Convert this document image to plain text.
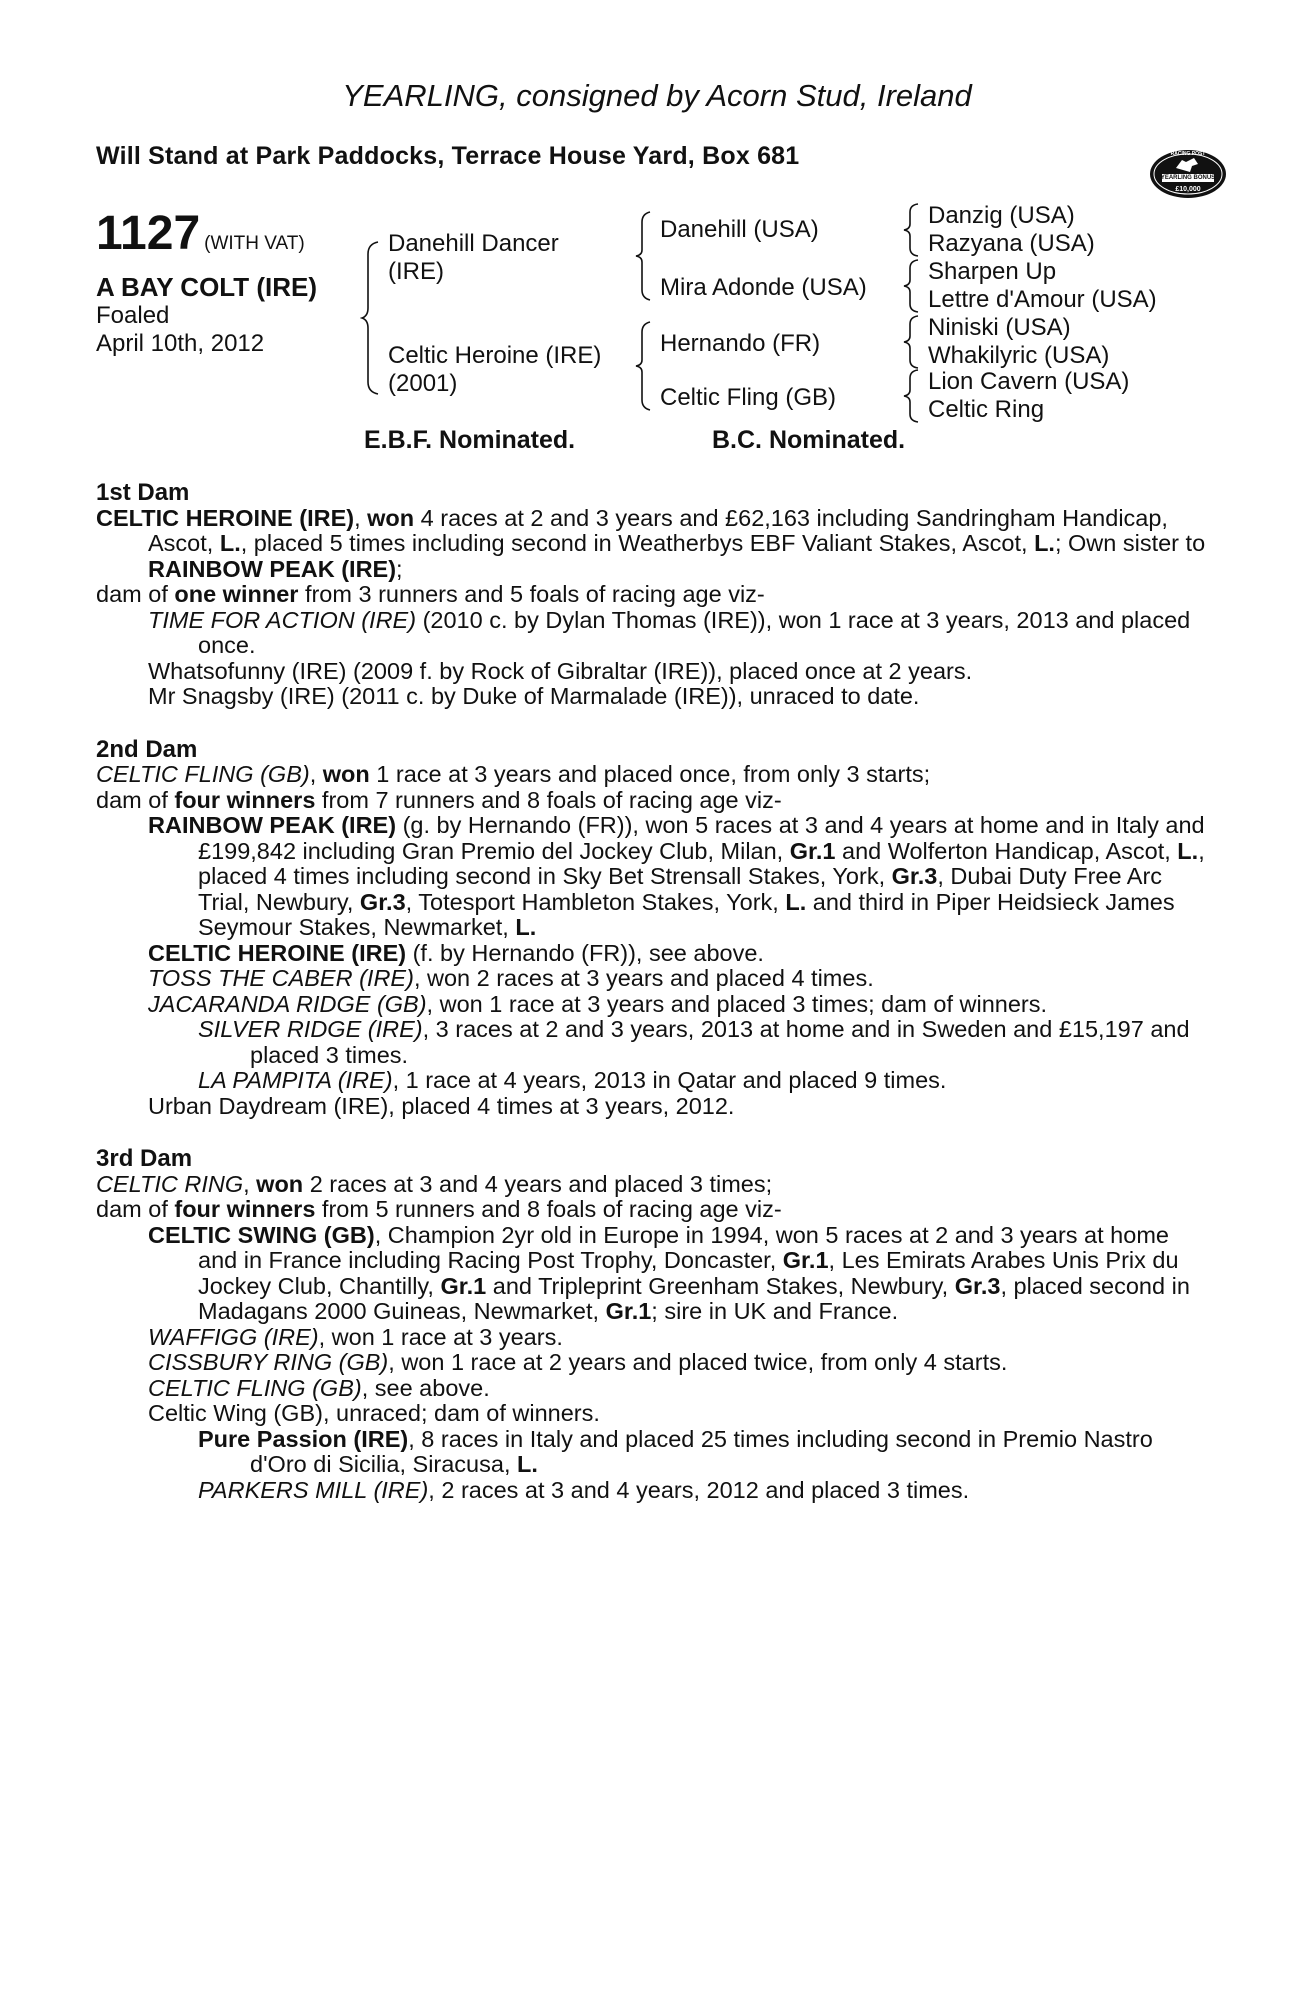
YEARLING, consigned by Acorn Stud, Ireland
Will Stand at Park Paddocks, Terrace House Yard, Box 681
YEARLING BONUS
RACING POST
£10,000
1127 (WITH VAT)
A BAY COLT (IRE)
Foaled
April 10th, 2012
Danehill Dancer
(IRE)
Celtic Heroine (IRE)
(2001)
Danehill (USA)
Mira Adonde (USA)
Hernando (FR)
Celtic Fling (GB)
Danzig (USA)
Razyana (USA)
Sharpen Up
Lettre d'Amour (USA)
Niniski (USA)
Whakilyric (USA)
Lion Cavern (USA)
Celtic Ring
E.B.F. Nominated.	B.C. Nominated.

1st Dam

CELTIC HEROINE (IRE), won 4 races at 2 and 3 years and £62,163 including Sandringham Handicap, Ascot, L., placed 5 times including second in Weatherbys EBF Valiant Stakes, Ascot, L.; Own sister to RAINBOW PEAK (IRE);

dam of one winner from 3 runners and 5 foals of racing age viz-

TIME FOR ACTION (IRE) (2010 c. by Dylan Thomas (IRE)), won 1 race at 3 years, 2013 and placed once.

Whatsofunny (IRE) (2009 f. by Rock of Gibraltar (IRE)), placed once at 2 years.

Mr Snagsby (IRE) (2011 c. by Duke of Marmalade (IRE)), unraced to date.

2nd Dam

CELTIC FLING (GB), won 1 race at 3 years and placed once, from only 3 starts;

dam of four winners from 7 runners and 8 foals of racing age viz-

RAINBOW PEAK (IRE) (g. by Hernando (FR)), won 5 races at 3 and 4 years at home and in Italy and £199,842 including Gran Premio del Jockey Club, Milan, Gr.1 and Wolferton Handicap, Ascot, L., placed 4 times including second in Sky Bet Strensall Stakes, York, Gr.3, Dubai Duty Free Arc Trial, Newbury, Gr.3, Totesport Hambleton Stakes, York, L. and third in Piper Heidsieck James Seymour Stakes, Newmarket, L.

CELTIC HEROINE (IRE) (f. by Hernando (FR)), see above.

TOSS THE CABER (IRE), won 2 races at 3 years and placed 4 times.

JACARANDA RIDGE (GB), won 1 race at 3 years and placed 3 times; dam of winners.

SILVER RIDGE (IRE), 3 races at 2 and 3 years, 2013 at home and in Sweden and £15,197 and placed 3 times.

LA PAMPITA (IRE), 1 race at 4 years, 2013 in Qatar and placed 9 times.

Urban Daydream (IRE), placed 4 times at 3 years, 2012.

3rd Dam

CELTIC RING, won 2 races at 3 and 4 years and placed 3 times;

dam of four winners from 5 runners and 8 foals of racing age viz-

CELTIC SWING (GB), Champion 2yr old in Europe in 1994, won 5 races at 2 and 3 years at home and in France including Racing Post Trophy, Doncaster, Gr.1, Les Emirats Arabes Unis Prix du Jockey Club, Chantilly, Gr.1 and Tripleprint Greenham Stakes, Newbury, Gr.3, placed second in Madagans 2000 Guineas, Newmarket, Gr.1; sire in UK and France.

WAFFIGG (IRE), won 1 race at 3 years.

CISSBURY RING (GB), won 1 race at 2 years and placed twice, from only 4 starts.

CELTIC FLING (GB), see above.

Celtic Wing (GB), unraced; dam of winners.

Pure Passion (IRE), 8 races in Italy and placed 25 times including second in Premio Nastro d'Oro di Sicilia, Siracusa, L.

PARKERS MILL (IRE), 2 races at 3 and 4 years, 2012 and placed 3 times.
